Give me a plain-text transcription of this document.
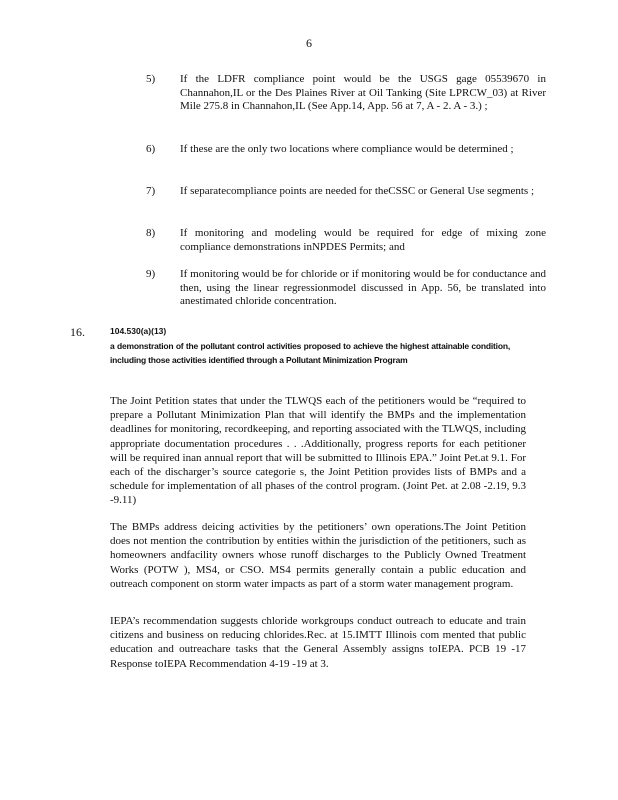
6
5)	If the LDFR compliance point would be the USGS gage 05539670 in Channahon,IL or the Des Plaines River at Oil Tanking (Site LPRCW_03) at River Mile 275.8 in Channahon,IL (See App.14, App. 56 at 7, A - 2. A - 3.) ;
6)	If these are the only two locations where compliance would be determined ;
7)	If separatecompliance points are needed for theCSSC or General Use segments ;
8)	If monitoring and modeling would be required for edge of mixing zone compliance demonstrations inNPDES Permits; and
9)	If monitoring would be for chloride or if monitoring would be for conductance and then, using the linear regressionmodel discussed in App. 56, be translated into anestimated chloride concentration.
16.	104.530(a)(13)
a demonstration of the pollutant control activities proposed to achieve the highest attainable condition, including those activities identified through a Pollutant Minimization Program
The Joint Petition states that under the TLWQS each of the petitioners would be “required to prepare a Pollutant Minimization Plan that will identify the BMPs and the implementation deadlines for monitoring, recordkeeping, and reporting associated with the TLWQS, including appropriate documentation procedures . . .Additionally, progress reports for each petitioner will be required inan annual report that will be submitted to Illinois EPA.” Joint Pet.at 9.1. For each of the discharger’s source categorie s, the Joint Petition provides lists of BMPs and a schedule for implementation of all phases of the control program. (Joint Pet. at 2.08 -2.19, 9.3 -9.11)
The BMPs address deicing activities by the petitioners’ own operations.The Joint Petition does not mention the contribution by entities within the jurisdiction of the petitioners, such as homeowners andfacility owners whose runoff discharges to the Publicly Owned Treatment Works (POTW ), MS4, or CSO. MS4 permits generally contain a public education and outreach component on storm water impacts as part of a storm water management program.
IEPA’s recommendation suggests chloride workgroups conduct outreach to educate and train citizens and business on reducing chlorides.Rec. at 15.IMTT Illinois com mented that public education and outreachare tasks that the General Assembly assigns toIEPA. PCB 19 -17 Response toIEPA Recommendation 4-19 -19 at 3.
